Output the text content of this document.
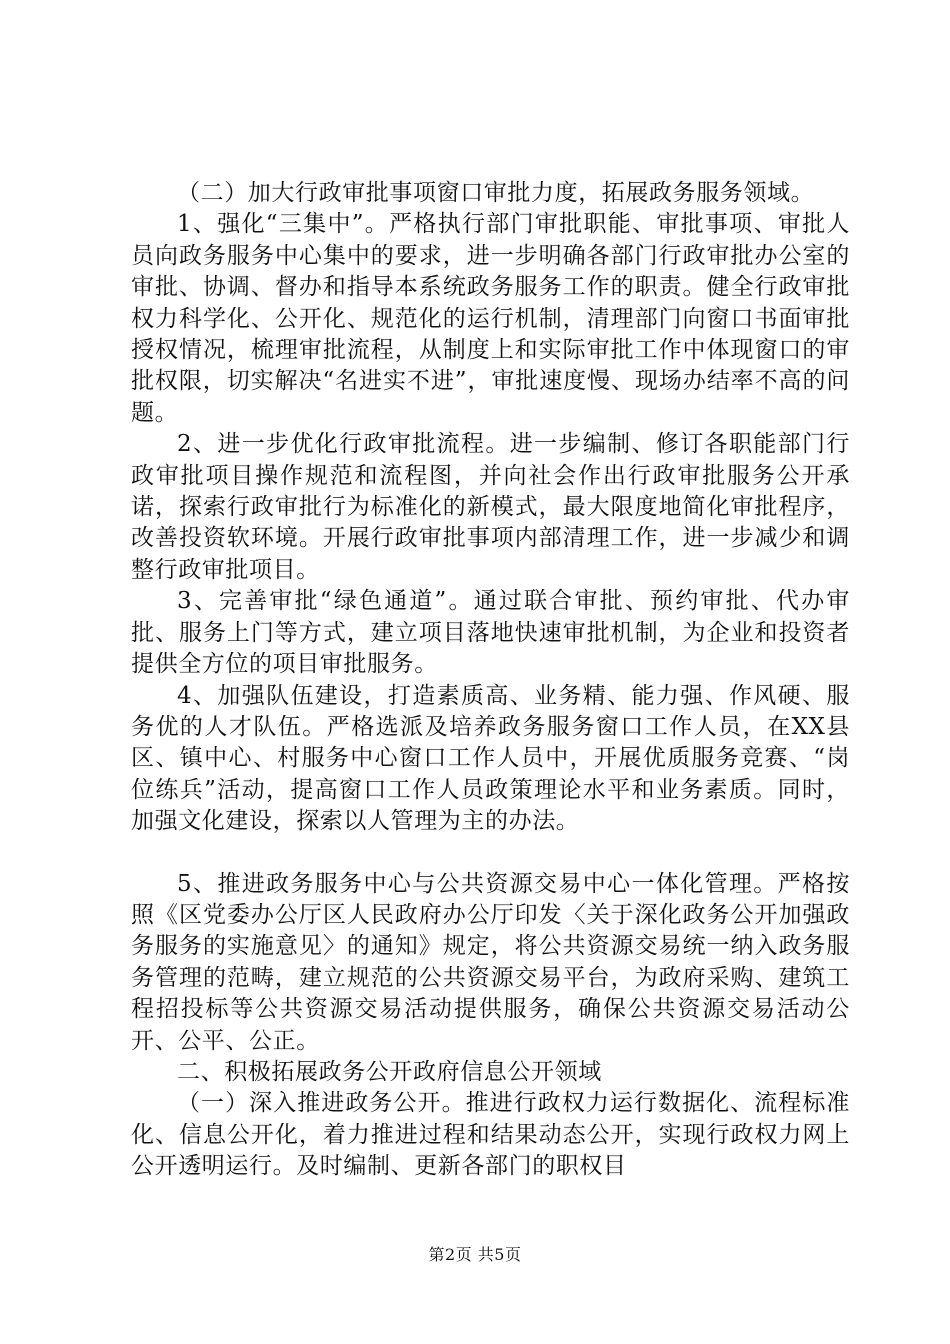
（二）加大行政审批事项窗口审批力度，拓展政务服务领域。

1、强化“三集中”。严格执行部门审批职能、审批事项、审批人员向政务服务中心集中的要求，进一步明确各部门行政审批办公室的审批、协调、督办和指导本系统政务服务工作的职责。健全行政审批权力科学化、公开化、规范化的运行机制，清理部门向窗口书面审批授权情况，梳理审批流程，从制度上和实际审批工作中体现窗口的审批权限，切实解决“名进实不进”，审批速度慢、现场办结率不高的问题。

2、进一步优化行政审批流程。进一步编制、修订各职能部门行政审批项目操作规范和流程图，并向社会作出行政审批服务公开承诺，探索行政审批行为标准化的新模式，最大限度地简化审批程序，改善投资软环境。开展行政审批事项内部清理工作，进一步减少和调整行政审批项目。

3、完善审批“绿色通道”。通过联合审批、预约审批、代办审批、服务上门等方式，建立项目落地快速审批机制，为企业和投资者提供全方位的项目审批服务。

4、加强队伍建设，打造素质高、业务精、能力强、作风硬、服务优的人才队伍。严格选派及培养政务服务窗口工作人员，在XX县区、镇中心、村服务中心窗口工作人员中，开展优质服务竞赛、“岗位练兵”活动，提高窗口工作人员政策理论水平和业务素质。同时，加强文化建设，探索以人管理为主的办法。

5、推进政务服务中心与公共资源交易中心一体化管理。严格按照《区党委办公厅区人民政府办公厅印发〈关于深化政务公开加强政务服务的实施意见〉的通知》规定，将公共资源交易统一纳入政务服务管理的范畴，建立规范的公共资源交易平台，为政府采购、建筑工程招投标等公共资源交易活动提供服务，确保公共资源交易活动公开、公平、公正。

二、积极拓展政务公开政府信息公开领域

（一）深入推进政务公开。推进行政权力运行数据化、流程标准化、信息公开化，着力推进过程和结果动态公开，实现行政权力网上公开透明运行。及时编制、更新各部门的职权目

第2页 共5页
